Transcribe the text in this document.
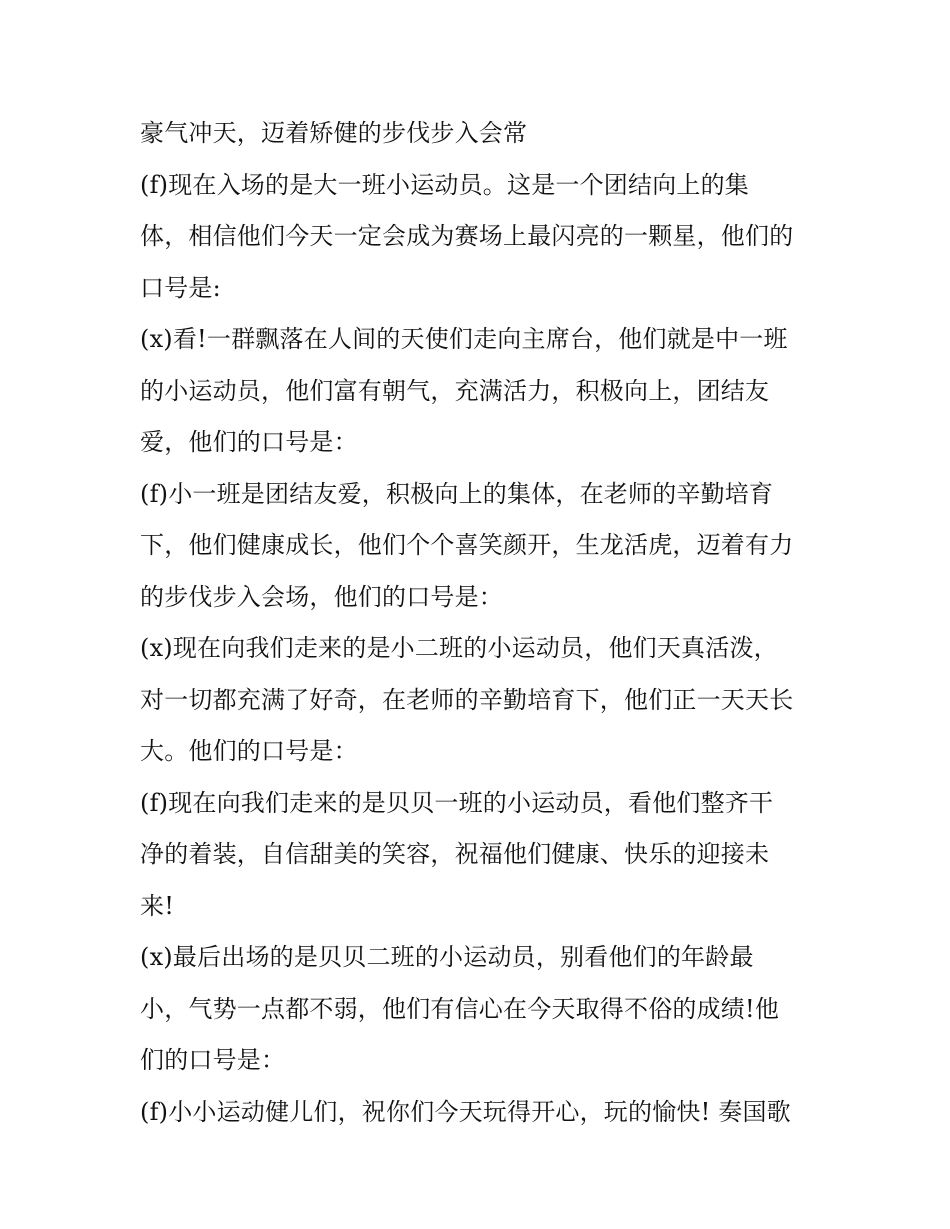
豪气冲天，迈着矫健的步伐步入会常
(f)现在入场的是大一班小运动员。这是一个团结向上的集
体，相信他们今天一定会成为赛场上最闪亮的一颗星，他们的
口号是:
(x)看!一群飘落在人间的天使们走向主席台，他们就是中一班
的小运动员，他们富有朝气，充满活力，积极向上，团结友
爱，他们的口号是：
(f)小一班是团结友爱，积极向上的集体，在老师的辛勤培育
下，他们健康成长，他们个个喜笑颜开，生龙活虎，迈着有力
的步伐步入会场，他们的口号是：
(x)现在向我们走来的是小二班的小运动员，他们天真活泼，
对一切都充满了好奇，在老师的辛勤培育下，他们正一天天长
大。他们的口号是：
(f)现在向我们走来的是贝贝一班的小运动员，看他们整齐干
净的着装，自信甜美的笑容，祝福他们健康、快乐的迎接未
来!
(x)最后出场的是贝贝二班的小运动员，别看他们的年龄最
小，气势一点都不弱，他们有信心在今天取得不俗的成绩!他
们的口号是：
(f)小小运动健儿们，祝你们今天玩得开心，玩的愉快! 奏国歌
